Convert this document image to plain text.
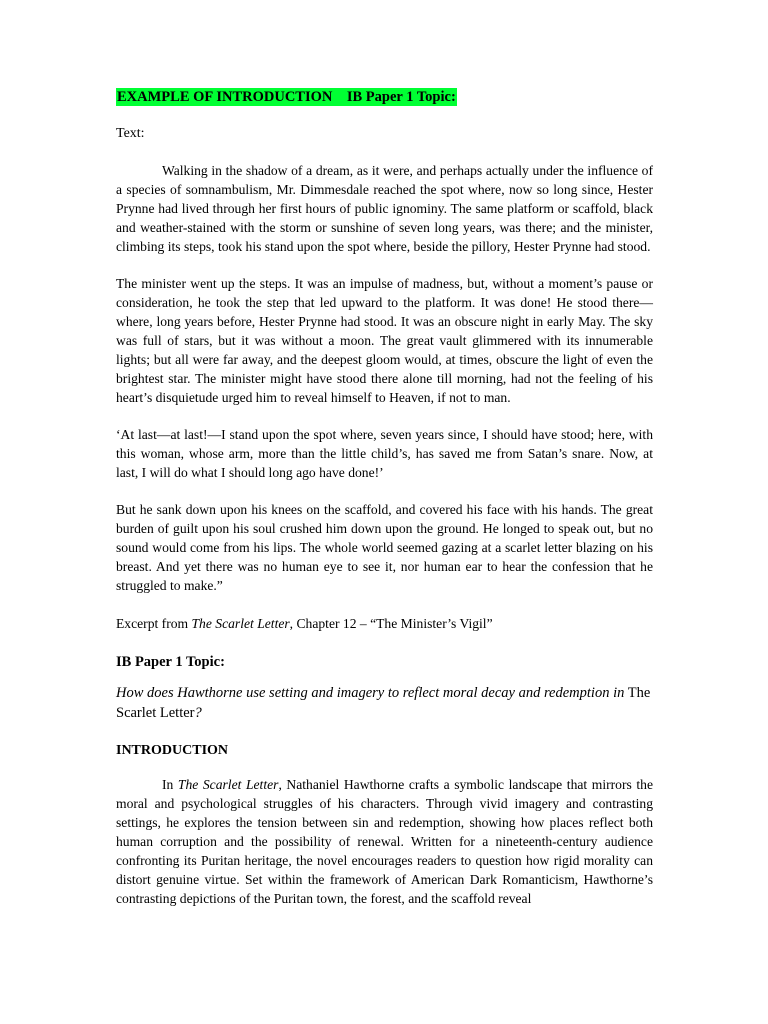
EXAMPLE OF INTRODUCTION    IB Paper 1 Topic:
Text:

Walking in the shadow of a dream, as it were, and perhaps actually under the influence of a species of somnambulism, Mr. Dimmesdale reached the spot where, now so long since, Hester Prynne had lived through her first hours of public ignominy. The same platform or scaffold, black and weather-stained with the storm or sunshine of seven long years, was there; and the minister, climbing its steps, took his stand upon the spot where, beside the pillory, Hester Prynne had stood.

The minister went up the steps. It was an impulse of madness, but, without a moment’s pause or consideration, he took the step that led upward to the platform. It was done! He stood there—where, long years before, Hester Prynne had stood. It was an obscure night in early May. The sky was full of stars, but it was without a moon. The great vault glimmered with its innumerable lights; but all were far away, and the deepest gloom would, at times, obscure the light of even the brightest star. The minister might have stood there alone till morning, had not the feeling of his heart’s disquietude urged him to reveal himself to Heaven, if not to man.

‘At last—at last!—I stand upon the spot where, seven years since, I should have stood; here, with this woman, whose arm, more than the little child’s, has saved me from Satan’s snare. Now, at last, I will do what I should long ago have done!’

But he sank down upon his knees on the scaffold, and covered his face with his hands. The great burden of guilt upon his soul crushed him down upon the ground. He longed to speak out, but no sound would come from his lips. The whole world seemed gazing at a scarlet letter blazing on his breast. And yet there was no human eye to see it, nor human ear to hear the confession that he struggled to make.”

Excerpt from The Scarlet Letter, Chapter 12 – “The Minister’s Vigil”
IB Paper 1 Topic:
How does Hawthorne use setting and imagery to reflect moral decay and redemption in The Scarlet Letter?
INTRODUCTION

In The Scarlet Letter, Nathaniel Hawthorne crafts a symbolic landscape that mirrors the moral and psychological struggles of his characters. Through vivid imagery and contrasting settings, he explores the tension between sin and redemption, showing how places reflect both human corruption and the possibility of renewal. Written for a nineteenth-century audience confronting its Puritan heritage, the novel encourages readers to question how rigid morality can distort genuine virtue. Set within the framework of American Dark Romanticism, Hawthorne’s contrasting depictions of the Puritan town, the forest, and the scaffold reveal
